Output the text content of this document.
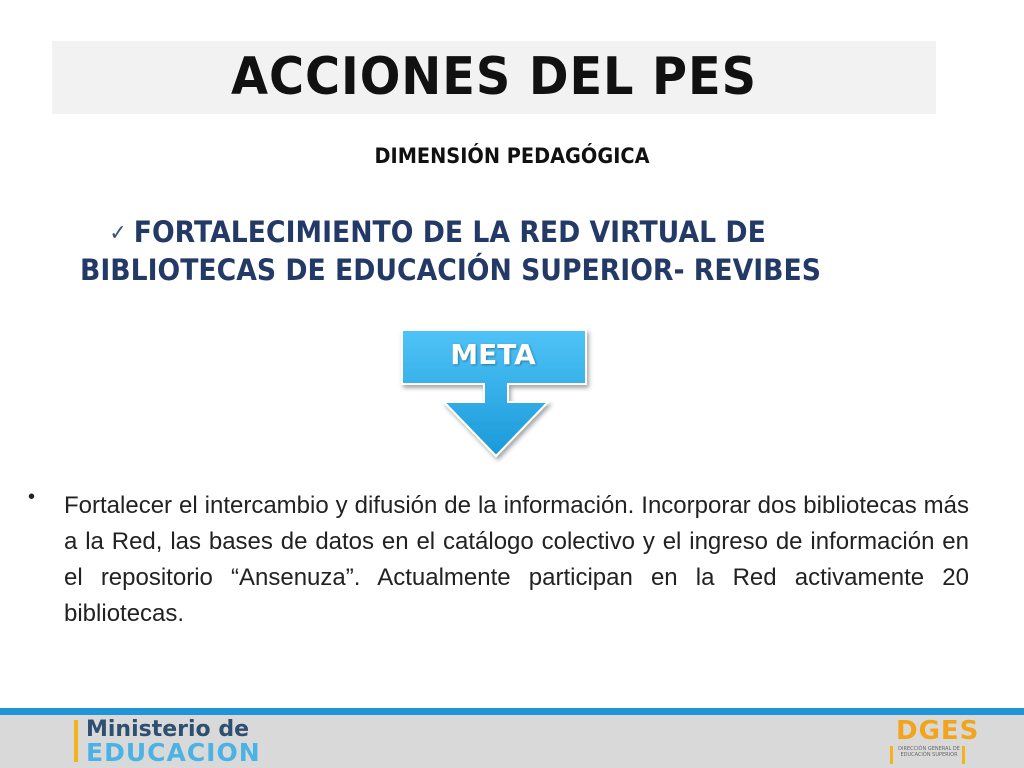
ACCIONES DEL PES
DIMENSIÓN PEDAGÓGICA
✓ FORTALECIMIENTO DE LA RED VIRTUAL DE BIBLIOTECAS DE EDUCACIÓN SUPERIOR- REVIBES
META
• Fortalecer el intercambio y difusión de la información. Incorporar dos bibliotecas más a la Red, las bases de datos en el catálogo colectivo y el ingreso de información en el repositorio “Ansenuza”. Actualmente participan en la Red activamente 20 bibliotecas.
Ministerio de
EDUCACION
DGES
DIRECCIÓN GENERAL DE EDUCACIÓN SUPERIOR
